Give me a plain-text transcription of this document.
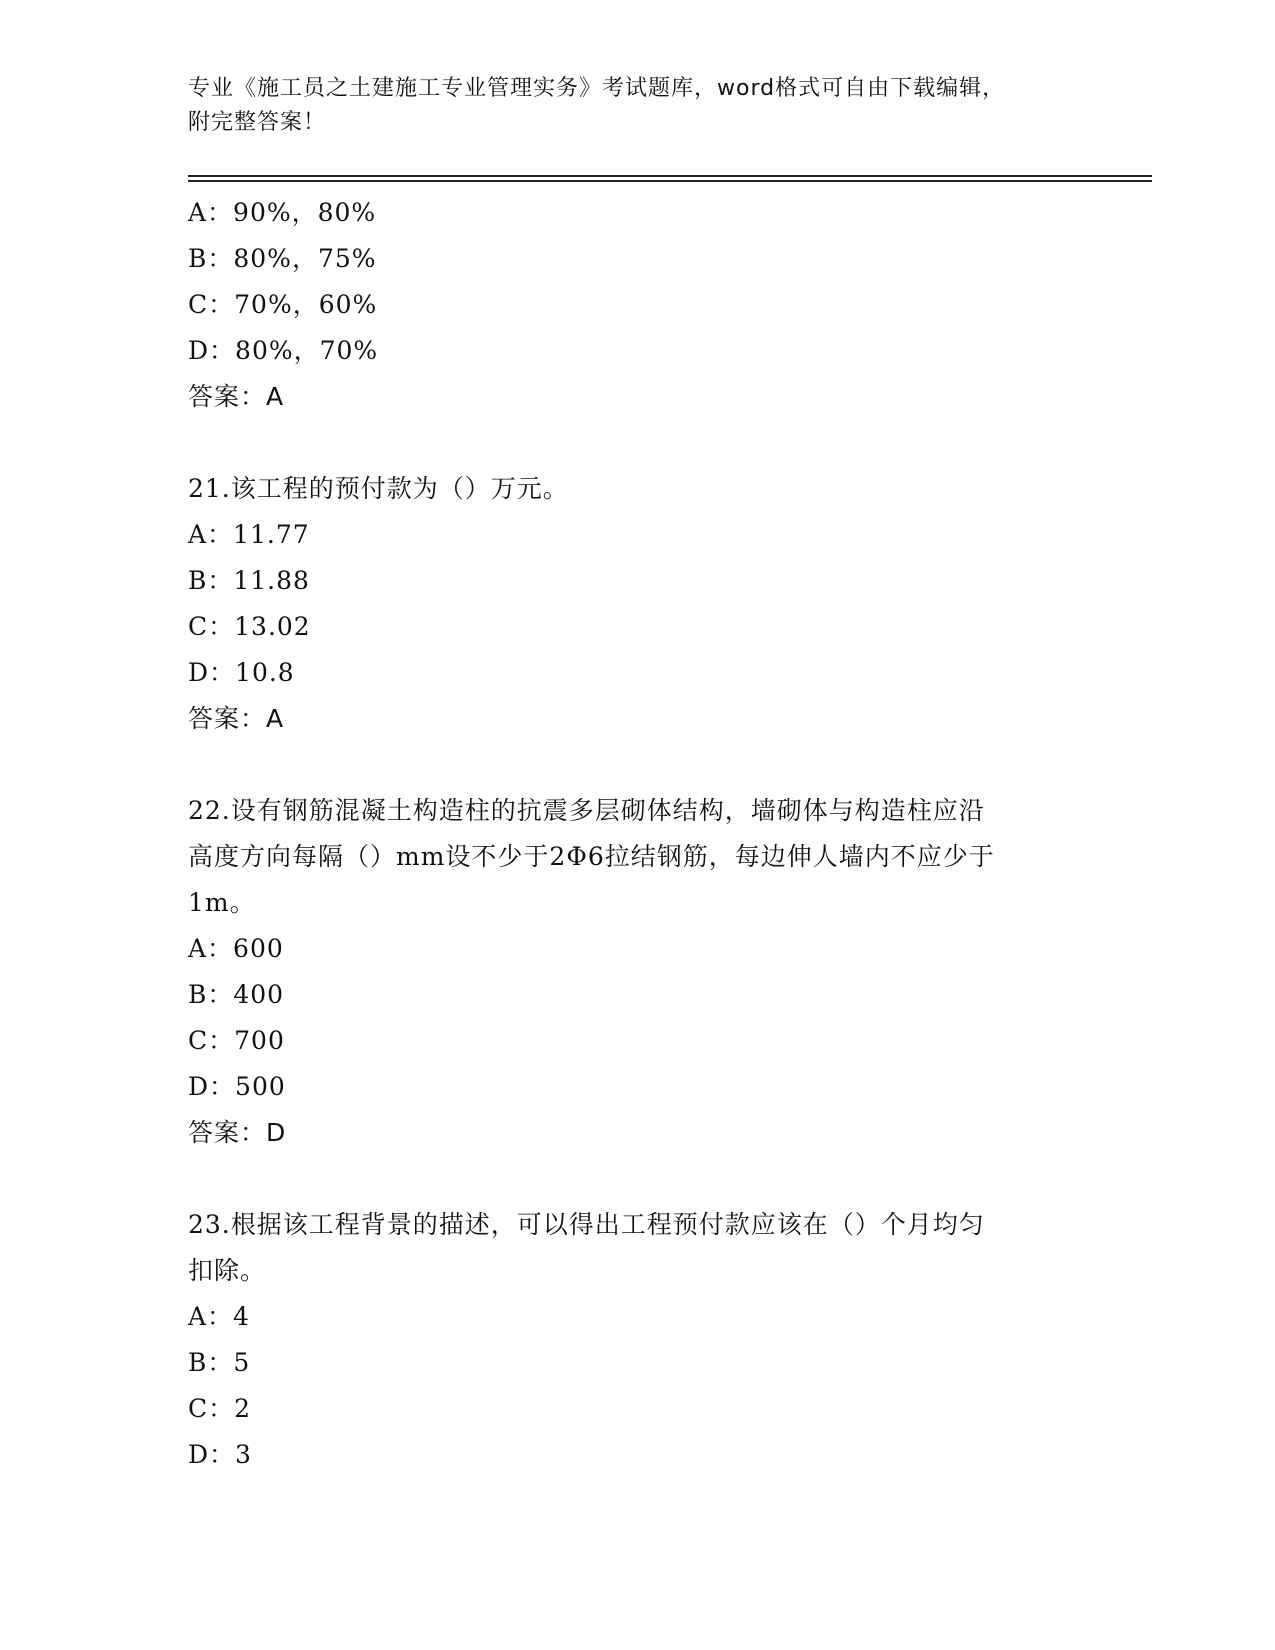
专业《施工员之土建施工专业管理实务》考试题库，word格式可自由下载编辑，
附完整答案！
A：90%，80%
B：80%，75%
C：70%，60%
D：80%，70%
答案：A
21.该工程的预付款为（）万元。
A：11.77
B：11.88
C：13.02
D：10.8
答案：A
22.设有钢筋混凝土构造柱的抗震多层砌体结构，墙砌体与构造柱应沿
高度方向每隔（）mm设不少于2Φ6拉结钢筋，每边伸人墙内不应少于
1m。
A：600
B：400
C：700
D：500
答案：D
23.根据该工程背景的描述，可以得出工程预付款应该在（）个月均匀
扣除。
A：4
B：5
C：2
D：3
